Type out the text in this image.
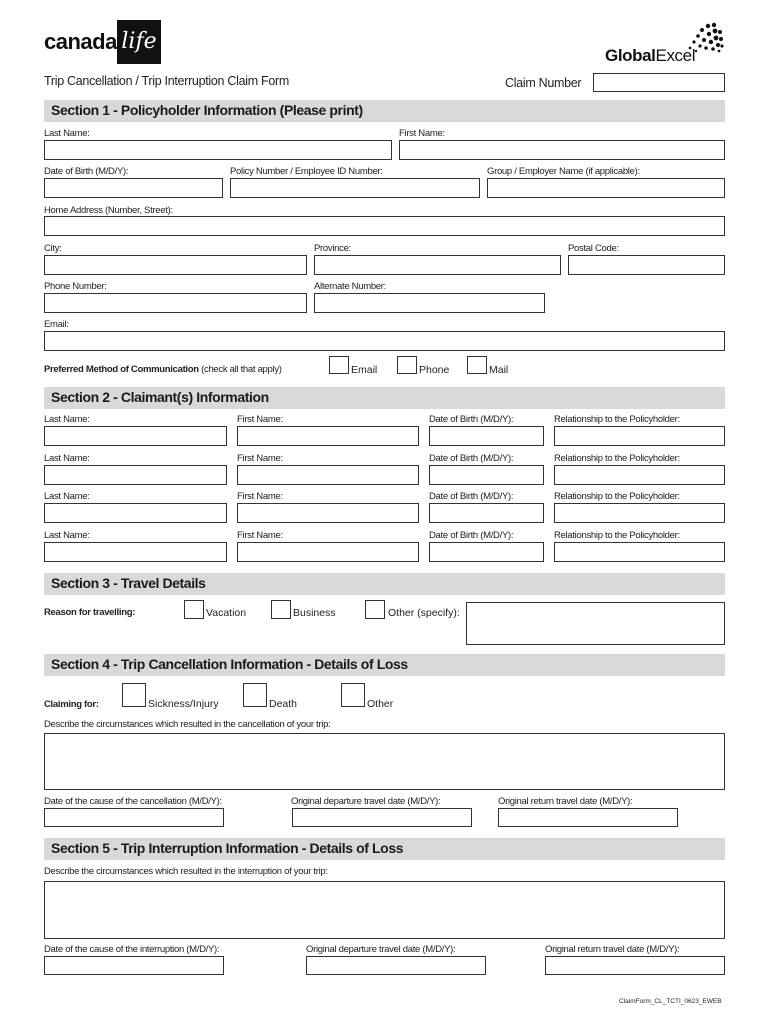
canada life
GlobalExcel
Trip Cancellation / Trip Interruption Claim Form	Claim Number
Section 1 - Policyholder Information (Please print)
Last Name:	First Name:
Date of Birth (M/D/Y):	Policy Number / Employee ID Number:	Group / Employer Name (if applicable):
Home Address (Number, Street):
City:	Province:	Postal Code:
Phone Number:	Alternate Number:
Email:
Preferred Method of Communication (check all that apply)	Email	Phone	Mail
Section 2 - Claimant(s) Information
Last Name:	First Name:	Date of Birth (M/D/Y):	Relationship to the Policyholder:
Last Name:	First Name:	Date of Birth (M/D/Y):	Relationship to the Policyholder:
Last Name:	First Name:	Date of Birth (M/D/Y):	Relationship to the Policyholder:
Last Name:	First Name:	Date of Birth (M/D/Y):	Relationship to the Policyholder:
Section 3 - Travel Details
Reason for travelling:	Vacation	Business	Other (specify):
Section 4 - Trip Cancellation Information - Details of Loss
Claiming for:	Sickness/Injury	Death	Other
Describe the circumstances which resulted in the cancellation of your trip:
Date of the cause of the cancellation (M/D/Y):	Original departure travel date (M/D/Y):	Original return travel date (M/D/Y):
Section 5 - Trip Interruption Information - Details of Loss
Describe the circumstances which resulted in the interruption of your trip:
Date of the cause of the interruption (M/D/Y):	Original departure travel date (M/D/Y):	Original return travel date (M/D/Y):
ClaimForm_CL_TCTI_0623_EWEB
